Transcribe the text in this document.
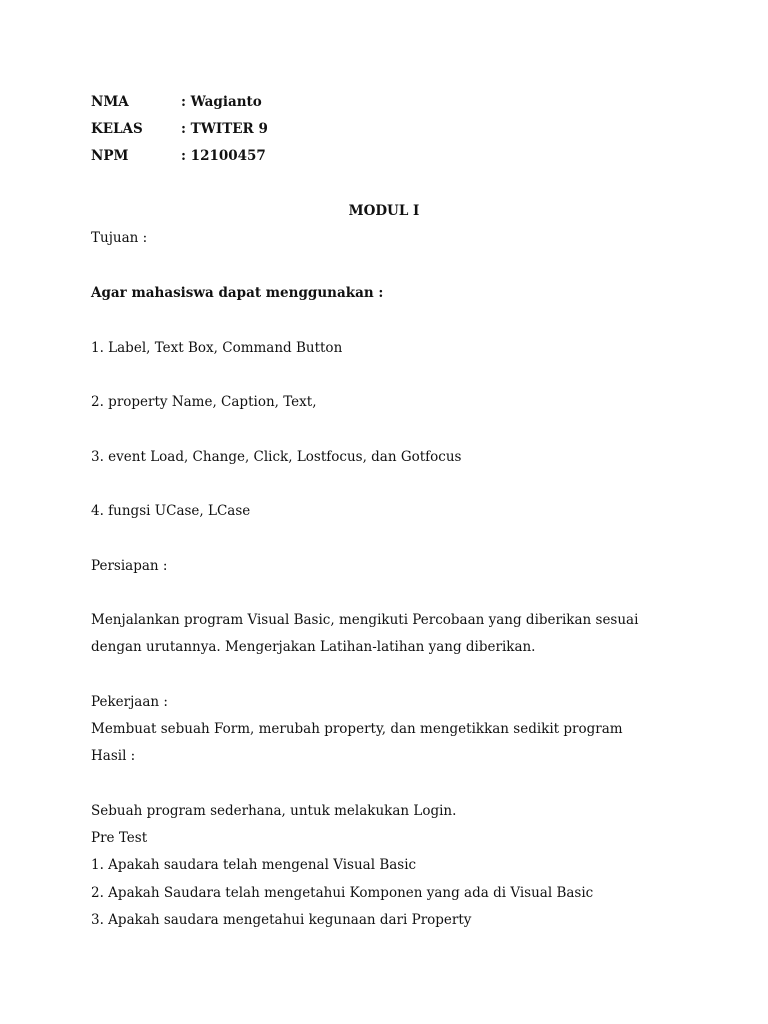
NMA	: Wagianto
KELAS	: TWITER 9
NPM	: 12100457
MODUL I
Tujuan :
Agar mahasiswa dapat menggunakan :
1. Label, Text Box, Command Button
2. property Name, Caption, Text,
3. event Load, Change, Click, Lostfocus, dan Gotfocus
4. fungsi UCase, LCase
Persiapan :
Menjalankan program Visual Basic, mengikuti Percobaan yang diberikan sesuai
dengan urutannya. Mengerjakan Latihan-latihan yang diberikan.
Pekerjaan :
Membuat sebuah Form, merubah property, dan mengetikkan sedikit program
Hasil :
Sebuah program sederhana, untuk melakukan Login.
Pre Test
1. Apakah saudara telah mengenal Visual Basic
2. Apakah Saudara telah mengetahui Komponen yang ada di Visual Basic
3. Apakah saudara mengetahui kegunaan dari Property
